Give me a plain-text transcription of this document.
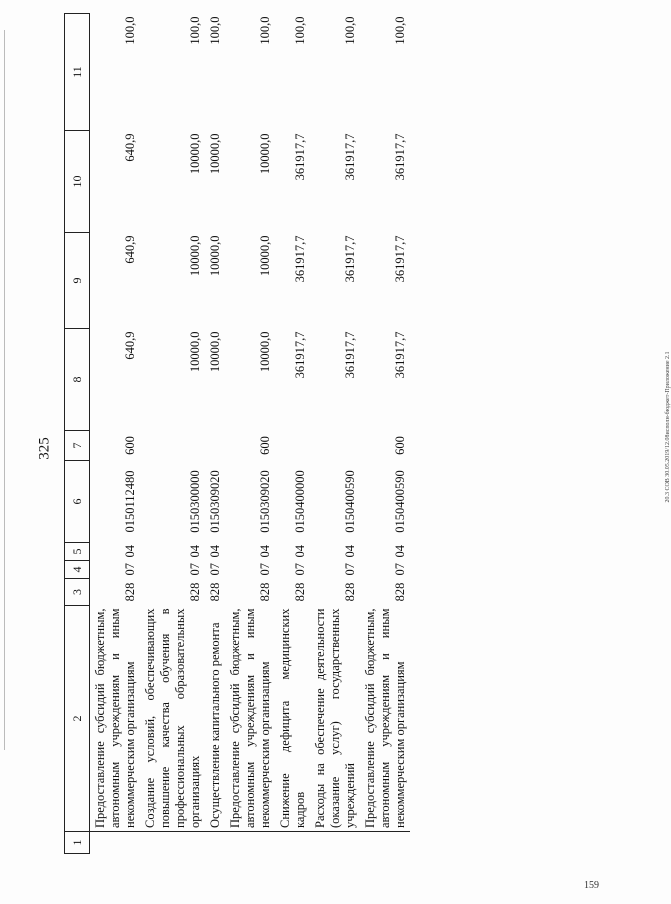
325	20.3 СОВ 30.05.2019/12.08исполн-бюджет-Приложение 2.1
159
1	2	3	4	5	6	7	8	9	10	11
	Предоставление субсидий бюджетным, автономным учреждениям и иным некоммерческим организациям	828	07	04	0150112480	600	640,9	640,9	640,9	100,0
	Создание условий, обеспечивающих повышение качества обучения в профессиональных образовательных организациях	828	07	04	0150300000		10000,0	10000,0	10000,0	100,0
	Осуществление капитального ремонта	828	07	04	0150309020		10000,0	10000,0	10000,0	100,0
	Предоставление субсидий бюджетным, автономным учреждениям и иным некоммерческим организациям	828	07	04	0150309020	600	10000,0	10000,0	10000,0	100,0
	Снижение дефицита медицинских кадров	828	07	04	0150400000		361917,7	361917,7	361917,7	100,0
	Расходы на обеспечение деятельности (оказание услуг) государственных учреждений	828	07	04	0150400590		361917,7	361917,7	361917,7	100,0
	Предоставление субсидий бюджетным, автономным учреждениям и иным некоммерческим организациям	828	07	04	0150400590	600	361917,7	361917,7	361917,7	100,0
